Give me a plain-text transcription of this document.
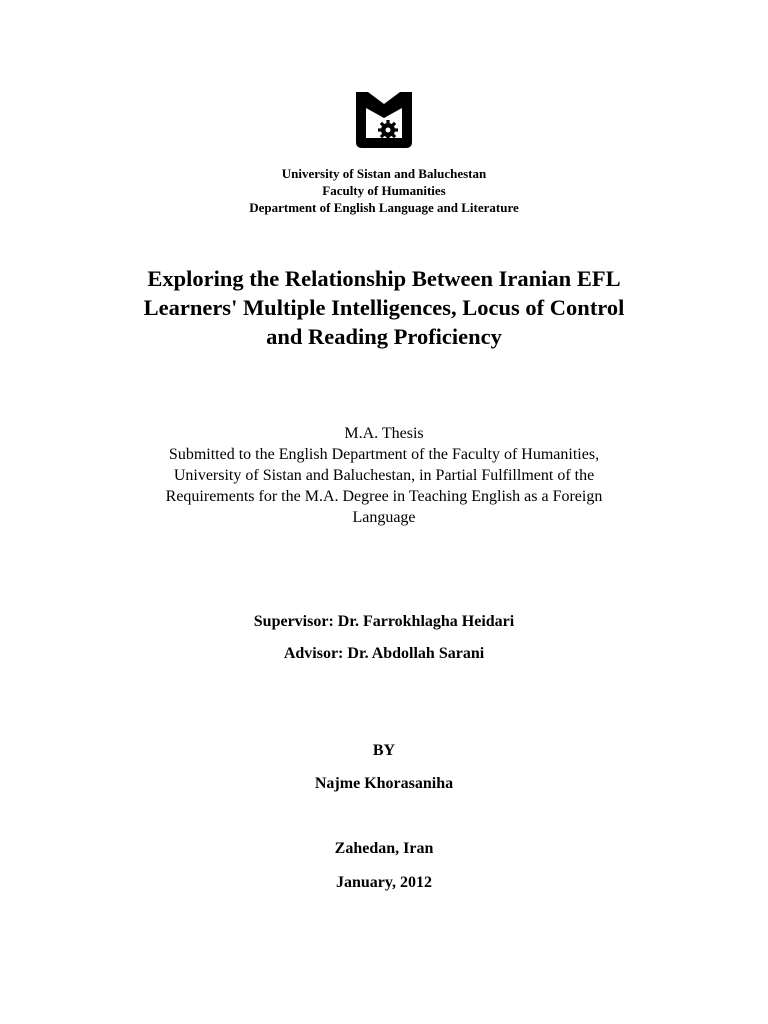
University of Sistan and Baluchestan
Faculty of Humanities
Department of English Language and Literature
Exploring the Relationship Between Iranian EFL
Learners' Multiple Intelligences, Locus of Control
and Reading Proficiency
M.A. Thesis
Submitted to the English Department of the Faculty of Humanities,
University of Sistan and Baluchestan, in Partial Fulfillment of the
Requirements for the M.A. Degree in Teaching English as a Foreign
Language
Supervisor: Dr. Farrokhlagha Heidari
Advisor: Dr. Abdollah Sarani
BY
Najme Khorasaniha
Zahedan, Iran
January, 2012
